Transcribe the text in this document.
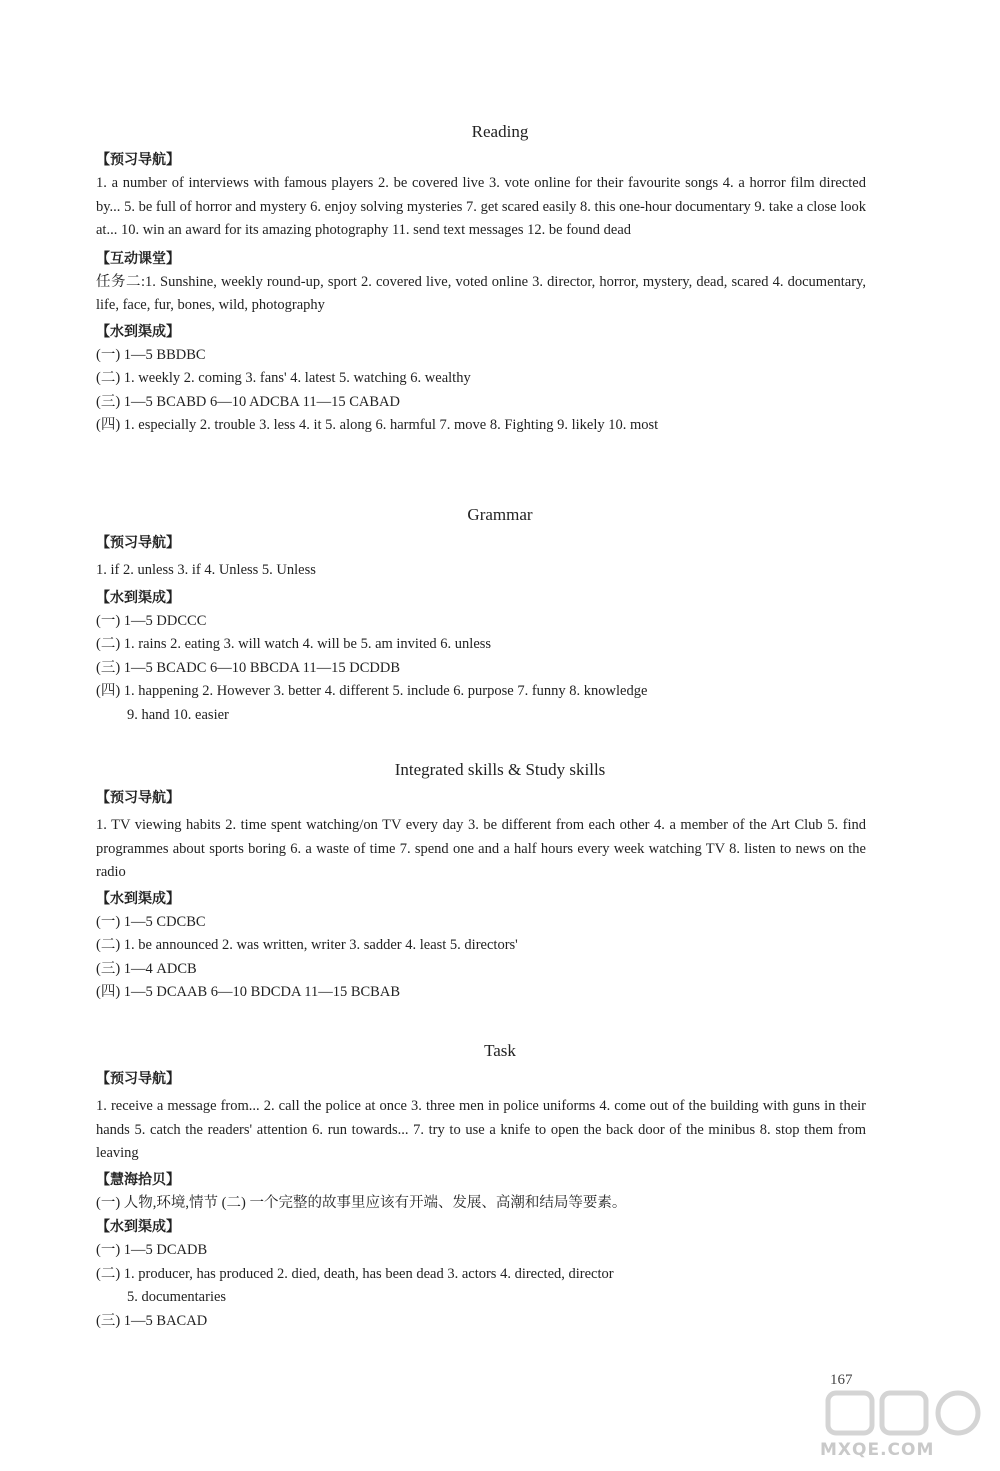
Reading
【预习导航】
1. a number of interviews with famous players 2. be covered live 3. vote online for their favourite songs 4. a horror film directed by... 5. be full of horror and mystery 6. enjoy solving mysteries 7. get scared easily 8. this one-hour documentary 9. take a close look at... 10. win an award for its amazing photography 11. send text messages 12. be found dead
【互动课堂】
任务二:1. Sunshine, weekly round-up, sport 2. covered live, voted online 3. director, horror, mystery, dead, scared 4. documentary, life, face, fur, bones, wild, photography
【水到渠成】
(一) 1—5 BBDBC
(二) 1. weekly 2. coming 3. fans' 4. latest 5. watching 6. wealthy
(三) 1—5 BCABD 6—10 ADCBA 11—15 CABAD
(四) 1. especially 2. trouble 3. less 4. it 5. along 6. harmful 7. move 8. Fighting 9. likely 10. most
Grammar
【预习导航】
1. if 2. unless 3. if 4. Unless 5. Unless
【水到渠成】
(一) 1—5 DDCCC
(二) 1. rains 2. eating 3. will watch 4. will be 5. am invited 6. unless
(三) 1—5 BCADC 6—10 BBCDA 11—15 DCDDB
(四) 1. happening 2. However 3. better 4. different 5. include 6. purpose 7. funny 8. knowledge
9. hand 10. easier
Integrated skills & Study skills
【预习导航】
1. TV viewing habits 2. time spent watching/on TV every day 3. be different from each other 4. a member of the Art Club 5. find programmes about sports boring 6. a waste of time 7. spend one and a half hours every week watching TV 8. listen to news on the radio
【水到渠成】
(一) 1—5 CDCBC
(二) 1. be announced 2. was written, writer 3. sadder 4. least 5. directors'
(三) 1—4 ADCB
(四) 1—5 DCAAB 6—10 BDCDA 11—15 BCBAB
Task
【预习导航】
1. receive a message from... 2. call the police at once 3. three men in police uniforms 4. come out of the building with guns in their hands 5. catch the readers' attention 6. run towards... 7. try to use a knife to open the back door of the minibus 8. stop them from leaving
【慧海拾贝】
(一) 人物,环境,情节 (二) 一个完整的故事里应该有开端、发展、高潮和结局等要素。
【水到渠成】
(一) 1—5 DCADB
(二) 1. producer, has produced 2. died, death, has been dead 3. actors 4. directed, director
5. documentaries
(三) 1—5 BACAD
167
MXQE.COM
